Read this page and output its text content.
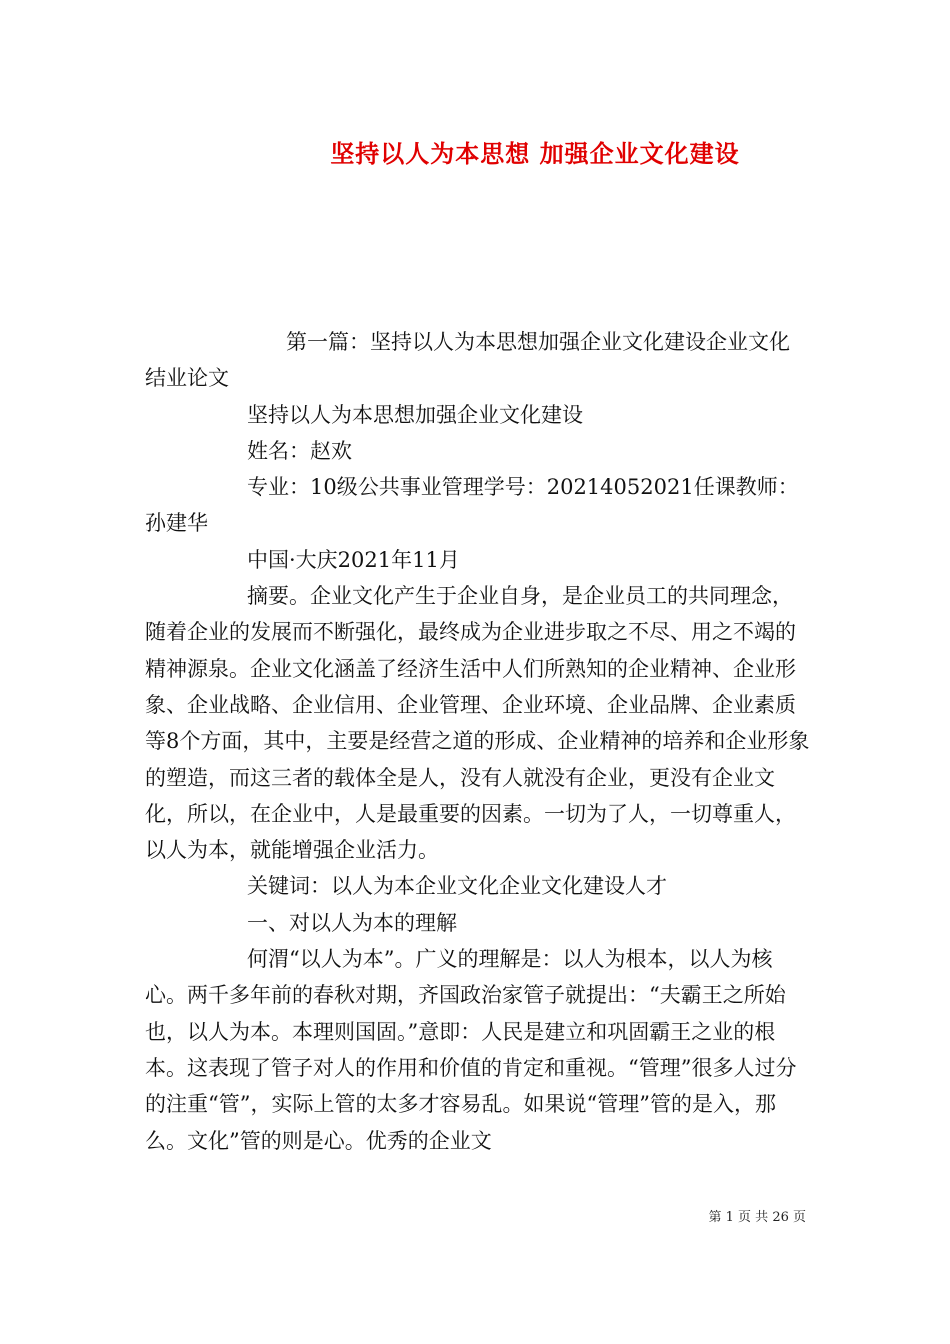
坚持以人为本思想 加强企业文化建设

第一篇：坚持以人为本思想加强企业文化建设企业文化结业论文

坚持以人为本思想加强企业文化建设

姓名：赵欢

专业：10级公共事业管理学号：20214052021任课教师：孙建华

中国·大庆2021年11月

摘要。企业文化产生于企业自身，是企业员工的共同理念，随着企业的发展而不断强化，最终成为企业进步取之不尽、用之不竭的精神源泉。企业文化涵盖了经济生活中人们所熟知的企业精神、企业形象、企业战略、企业信用、企业管理、企业环境、企业品牌、企业素质等8个方面，其中，主要是经营之道的形成、企业精神的培养和企业形象的塑造，而这三者的载体全是人，没有人就没有企业，更没有企业文化，所以，在企业中，人是最重要的因素。一切为了人，一切尊重人，以人为本，就能增强企业活力。

关键词：以人为本企业文化企业文化建设人才

一、对以人为本的理解

何渭“以人为本”。广义的理解是：以人为根本，以人为核心。两千多年前的春秋对期，齐国政治家管子就提出：“夫霸王之所始也，以人为本。本理则国固。”意即：人民是建立和巩固霸王之业的根本。这表现了管子对人的作用和价值的肯定和重视。“管理”很多人过分的注重“管”，实际上管的太多才容易乱。如果说“管理”管的是入，那么。文化”管的则是心。优秀的企业文

第 1 页 共 26 页
